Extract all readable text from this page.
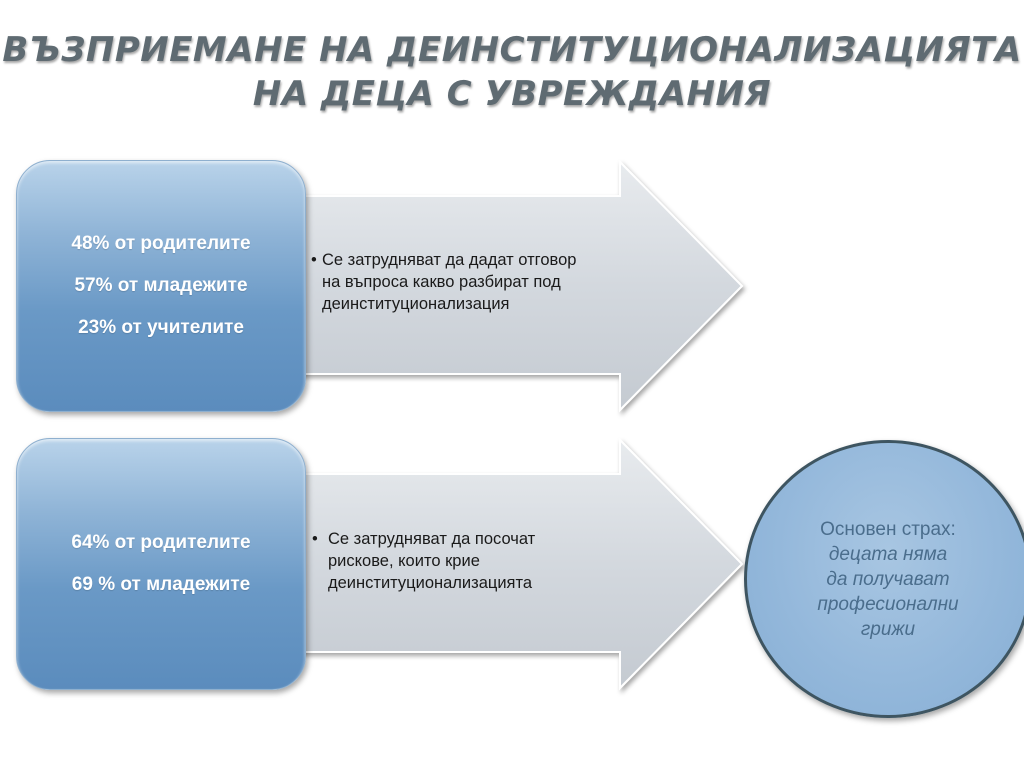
ВЪЗПРИЕМАНЕ НА ДЕИНСТИТУЦИОНАЛИЗАЦИЯТА
НА ДЕЦА С УВРЕЖДАНИЯ
48% от родителите
57% от младежите
23% от учителите
• Се затрудняват да дадат отговор
на въпроса какво разбират под
деинституционализация
64% от родителите
69 % от младежите
• Се затрудняват да посочат
рискове, които крие
деинституционализацията
Основен страх:
децата няма
да получават
професионални
грижи
